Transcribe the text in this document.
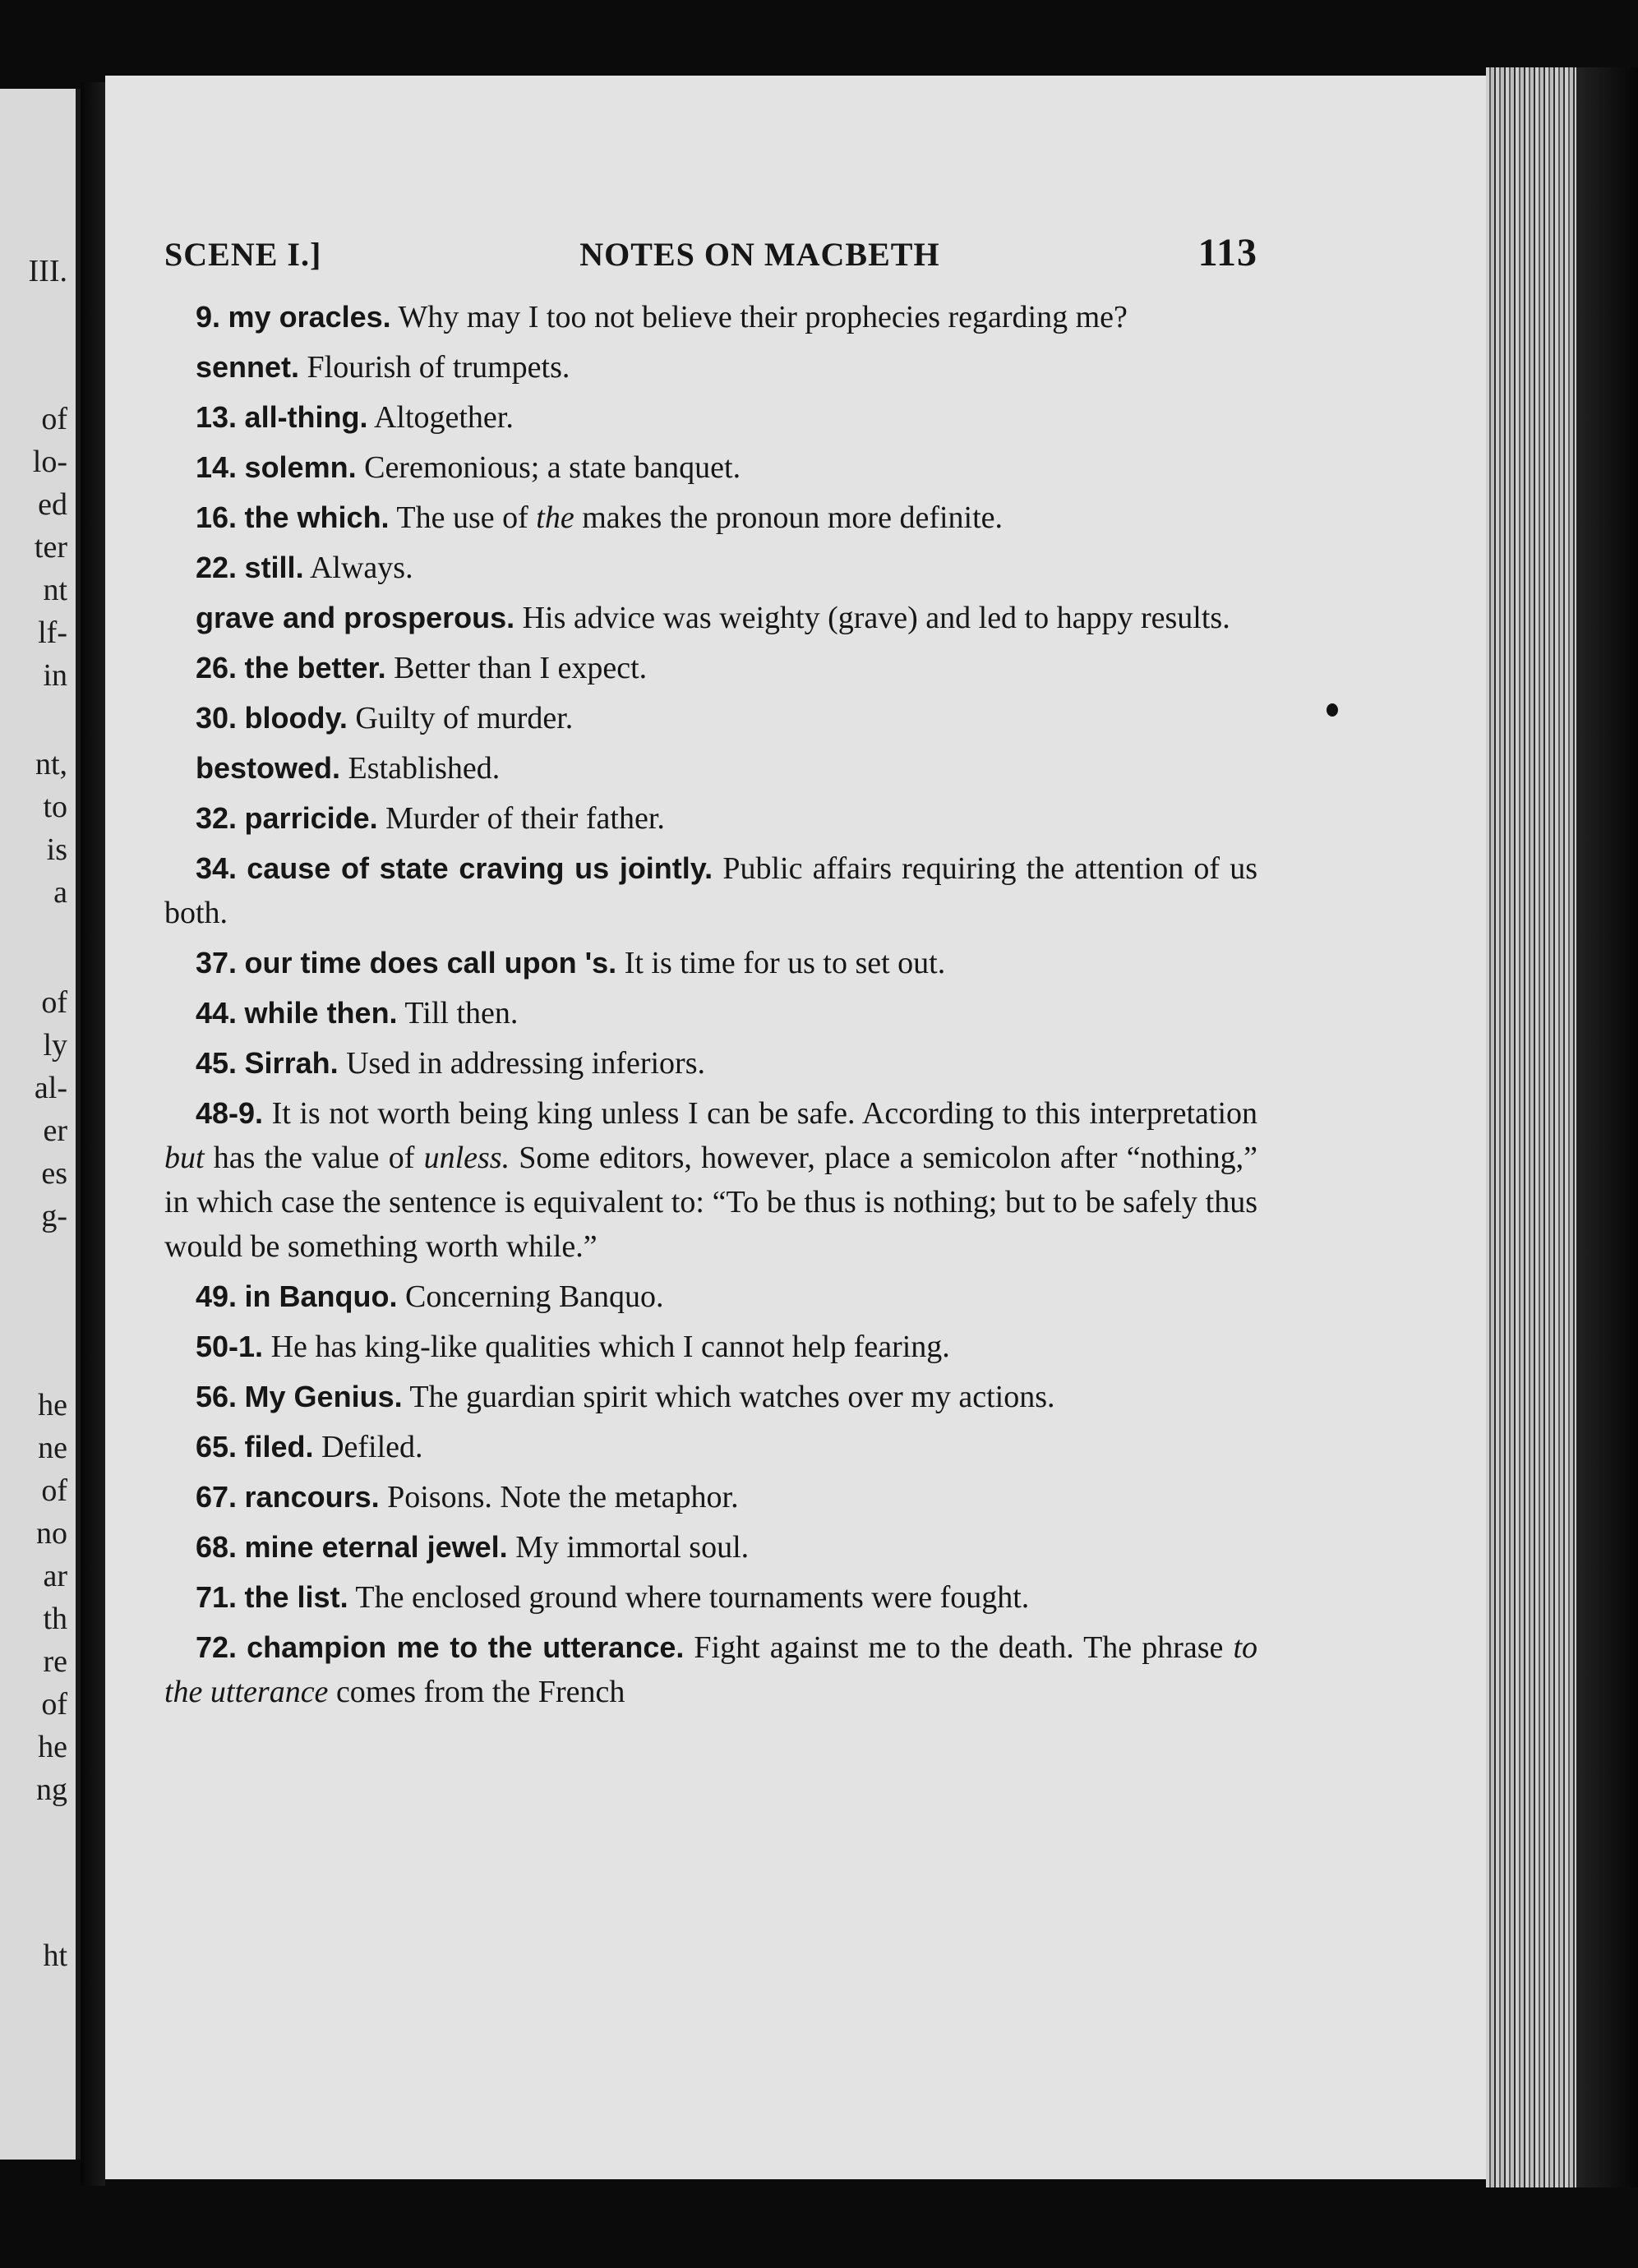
III.
of
lo-
ed
ter
nt
lf-
in
nt,
to
is
a
of
ly
al-
er
es
g-
he
ne
of
no
ar
th
re
of
he
ng
ht
SCENE I.]	NOTES ON MACBETH	113

9. my oracles. Why may I too not believe their prophecies regarding me?

sennet. Flourish of trumpets.

13. all-thing. Altogether.

14. solemn. Ceremonious; a state banquet.

16. the which. The use of the makes the pronoun more definite.

22. still. Always.

grave and prosperous. His advice was weighty (grave) and led to happy results.

26. the better. Better than I expect.

30. bloody. Guilty of murder.

bestowed. Established.

32. parricide. Murder of their father.

34. cause of state craving us jointly. Public affairs requiring the attention of us both.

37. our time does call upon 's. It is time for us to set out.

44. while then. Till then.

45. Sirrah. Used in addressing inferiors.

48-9. It is not worth being king unless I can be safe. According to this interpretation but has the value of unless. Some editors, however, place a semicolon after “nothing,” in which case the sentence is equivalent to: “To be thus is nothing; but to be safely thus would be something worth while.”

49. in Banquo. Concerning Banquo.

50-1. He has king-like qualities which I cannot help fearing.

56. My Genius. The guardian spirit which watches over my actions.

65. filed. Defiled.

67. rancours. Poisons. Note the metaphor.

68. mine eternal jewel. My immortal soul.

71. the list. The enclosed ground where tournaments were fought.

72. champion me to the utterance. Fight against me to the death. The phrase to the utterance comes from the French
